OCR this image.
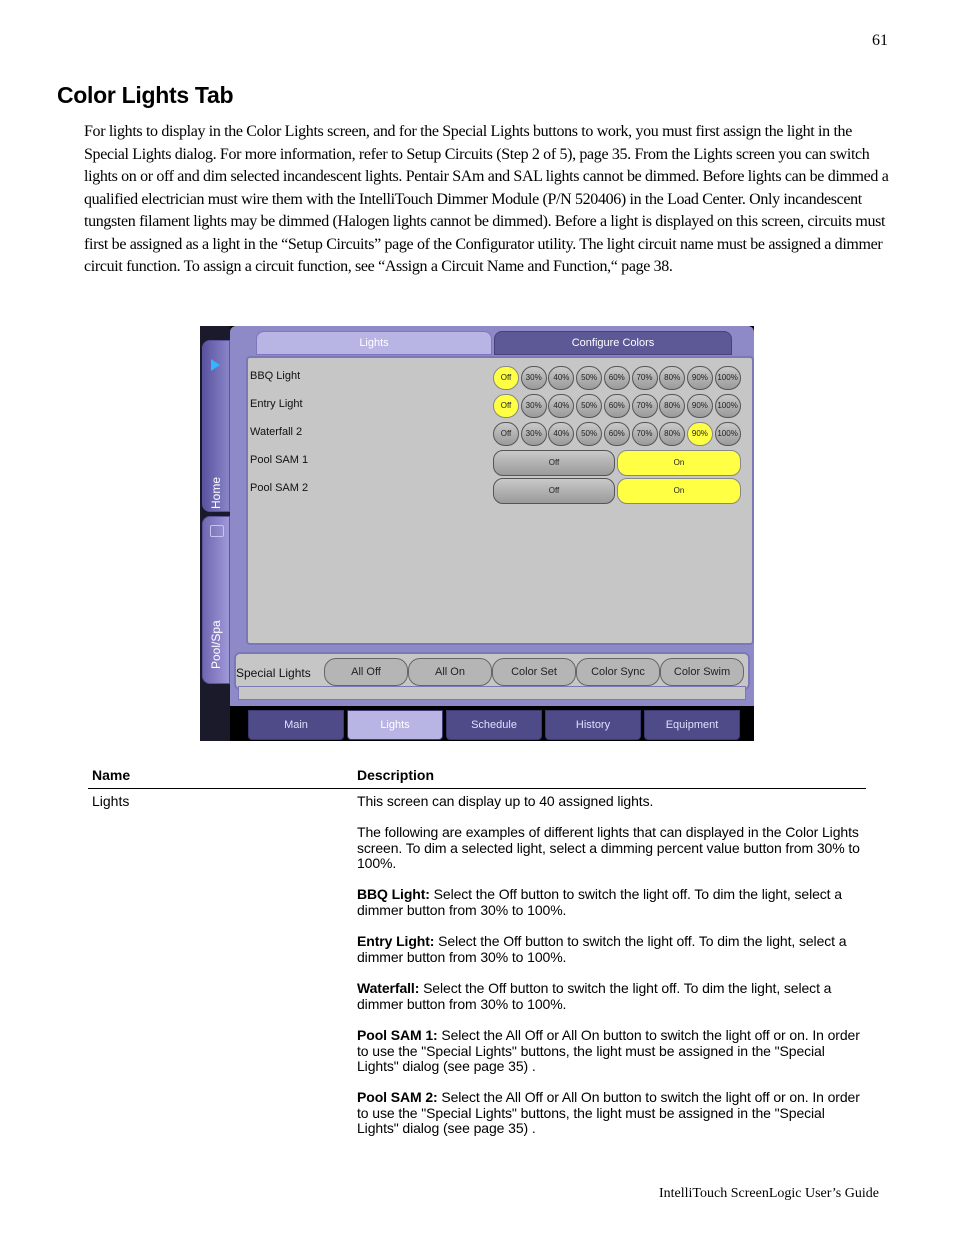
61
Color Lights Tab
For lights to display in the Color Lights screen, and for the Special Lights buttons to work, you must first assign the light in the Special Lights dialog. For more information, refer to Setup Circuits (Step 2 of 5), page 35. From the Lights screen you can switch lights on or off and dim selected incandescent lights. Pentair SAm and SAL lights cannot be dimmed. Before lights can be dimmed a qualified electrician must wire them with the IntelliTouch Dimmer Module (P/N 520406) in the Load Center. Only incandescent tungsten filament lights may be dimmed (Halogen lights cannot be dimmed). Before a light is displayed on this screen, circuits must first be assigned as a light in the “Setup Circuits” page of the Configurator utility. The light circuit name must be assigned a dimmer circuit function. To assign a circuit function, see “Assign a Circuit Name and Function,“ page 38.
Home
Pool/Spa
Lights	Configure Colors
BBQ Light	Off	30%	40%	50%	60%	70%	80%	90%	100%
Entry Light	Off	30%	40%	50%	60%	70%	80%	90%	100%
Waterfall 2	Off	30%	40%	50%	60%	70%	80%	90%	100%
Pool SAM 1	Off	On
Pool SAM 2	Off	On
Special Lights	All Off	All On	Color Set	Color Sync	Color Swim
Main	Lights	Schedule	History	Equipment
Name	Description
Lights	This screen can display up to 40 assigned lights.
The following are examples of different lights that can displayed in the Color Lights screen. To dim a selected light, select a dimming percent value button from 30% to 100%.
BBQ Light: Select the Off button to switch the light off. To dim the light, select a dimmer button from 30% to 100%.
Entry Light: Select the Off button to switch the light off. To dim the light, select a dimmer button from 30% to 100%.
Waterfall: Select the Off button to switch the light off. To dim the light, select a dimmer button from 30% to 100%.
Pool SAM 1: Select the All Off or All On button to switch the light off or on. In order to use the "Special Lights" buttons, the light must be assigned in the "Special Lights" dialog (see page 35) .
Pool SAM 2: Select the All Off or All On button to switch the light off or on. In order to use the "Special Lights" buttons, the light must be assigned in the "Special Lights" dialog (see page 35) .
IntelliTouch ScreenLogic User’s Guide
